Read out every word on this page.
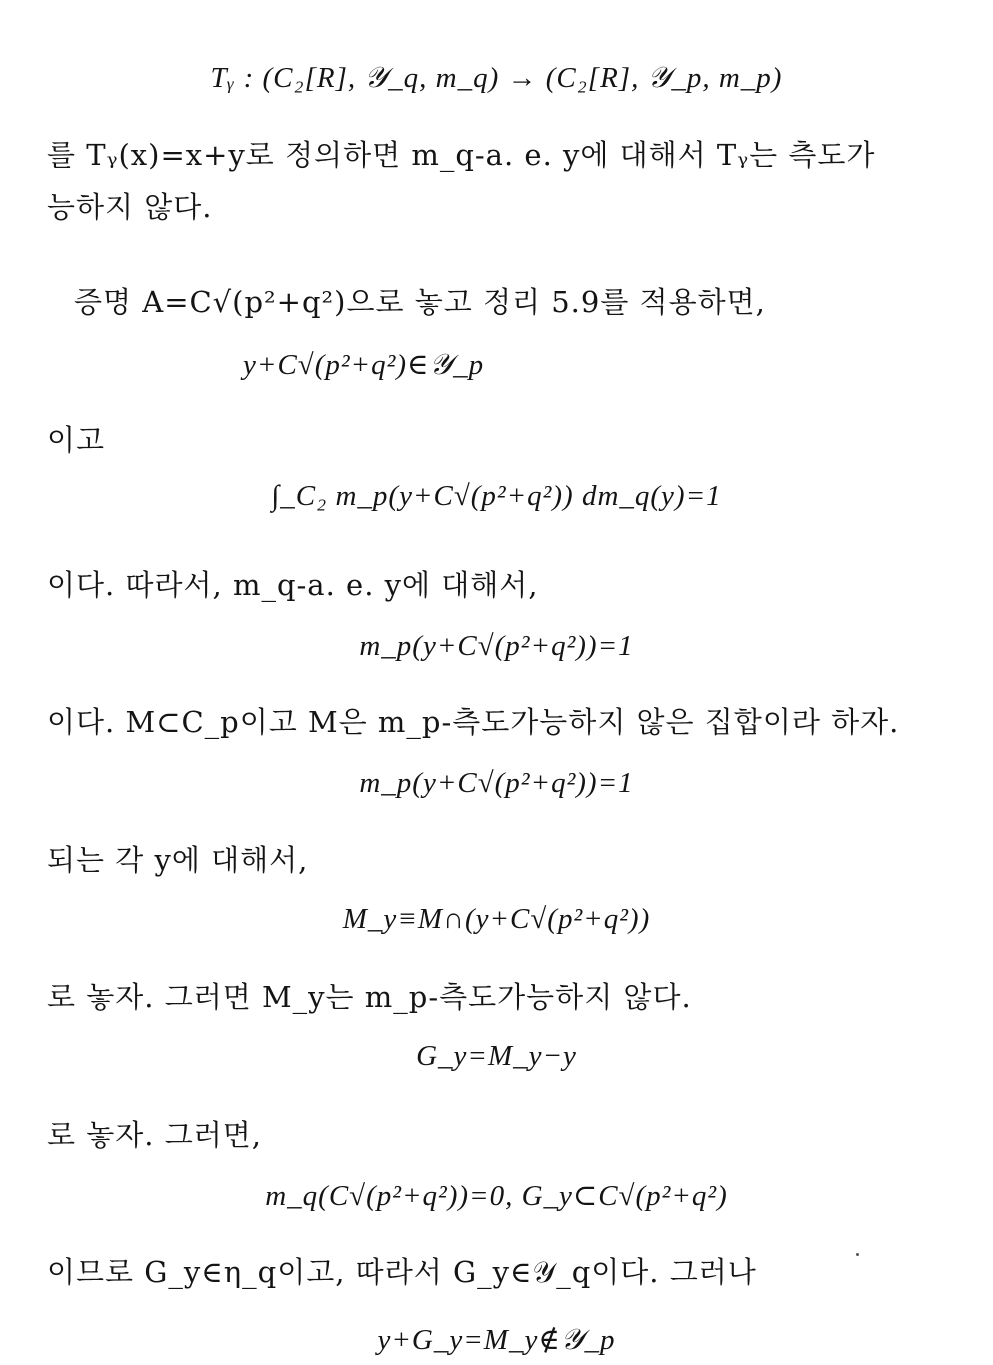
Tᵧ : (C₂[R], 𝒴_q, m_q) → (C₂[R], 𝒴_p, m_p)
를 Tᵧ(x)=x+y로 정의하면 m_q-a. e. y에 대해서 Tᵧ는 측도가
능하지 않다.
증명 A=C√(p²+q²)으로 놓고 정리 5.9를 적용하면,
y+C√(p²+q²)∈𝒴_p
이고
∫_C₂ m_p(y+C√(p²+q²)) dm_q(y)=1
이다. 따라서, m_q-a. e. y에 대해서,
m_p(y+C√(p²+q²))=1
이다. M⊂C_p이고 M은 m_p-측도가능하지 않은 집합이라 하자.
m_p(y+C√(p²+q²))=1
되는 각 y에 대해서,
M_y≡M∩(y+C√(p²+q²))
로 놓자. 그러면 M_y는 m_p-측도가능하지 않다.
G_y=M_y−y
로 놓자. 그러면,
m_q(C√(p²+q²))=0, G_y⊂C√(p²+q²)
이므로 G_y∈η_q이고, 따라서 G_y∈𝒴_q이다. 그러나
y+G_y=M_y∉𝒴_p
